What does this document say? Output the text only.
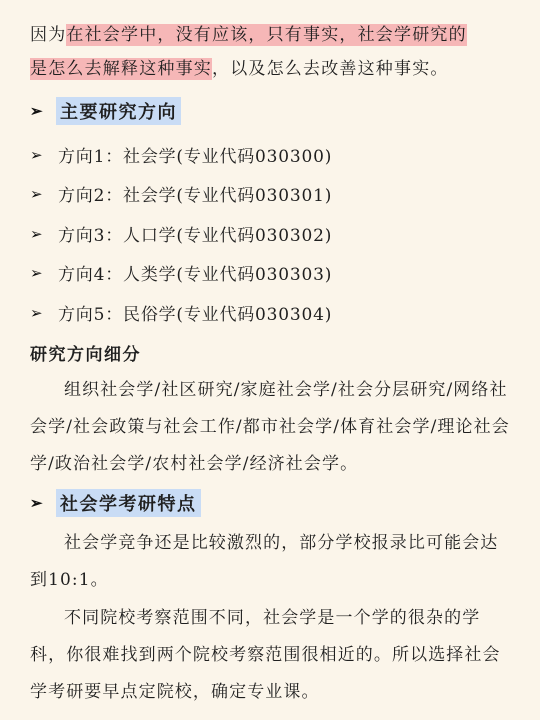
因为在社会学中，没有应该，只有事实，社会学研究的
是怎么去解释这种事实，以及怎么去改善这种事实。
➢ 主要研究方向
➢ 方向1：社会学(专业代码030300)
➢ 方向2：社会学(专业代码030301)
➢ 方向3：人口学(专业代码030302)
➢ 方向4：人类学(专业代码030303)
➢ 方向5：民俗学(专业代码030304)
研究方向细分
组织社会学/社区研究/家庭社会学/社会分层研究/网络社会学/社会政策与社会工作/都市社会学/体育社会学/理论社会学/政治社会学/农村社会学/经济社会学。
➢ 社会学考研特点
社会学竞争还是比较激烈的，部分学校报录比可能会达到10:1。
不同院校考察范围不同，社会学是一个学的很杂的学科，你很难找到两个院校考察范围很相近的。所以选择社会学考研要早点定院校，确定专业课。
